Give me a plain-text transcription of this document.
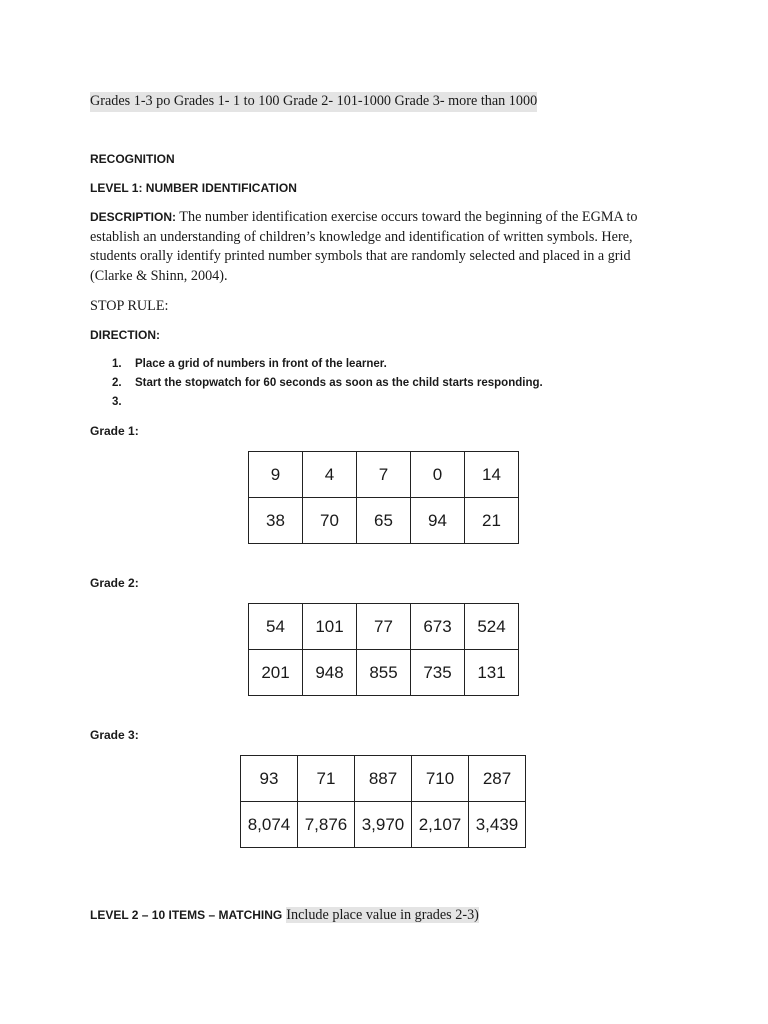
Grades 1-3 po Grades 1- 1 to 100 Grade 2- 101-1000 Grade 3- more than 1000
RECOGNITION
LEVEL 1: NUMBER IDENTIFICATION
DESCRIPTION: The number identification exercise occurs toward the beginning of the EGMA to establish an understanding of children’s knowledge and identification of written symbols. Here, students orally identify printed number symbols that are randomly selected and placed in a grid (Clarke & Shinn, 2004).
STOP RULE:
DIRECTION:
1. Place a grid of numbers in front of the learner.
2. Start the stopwatch for 60 seconds as soon as the child starts responding.
3.
Grade 1:
9	4	7	0	14
38	70	65	94	21
Grade 2:
54	101	77	673	524
201	948	855	735	131
Grade 3:
93	71	887	710	287
8,074	7,876	3,970	2,107	3,439
LEVEL 2 – 10 ITEMS – MATCHING Include place value in grades 2-3)
